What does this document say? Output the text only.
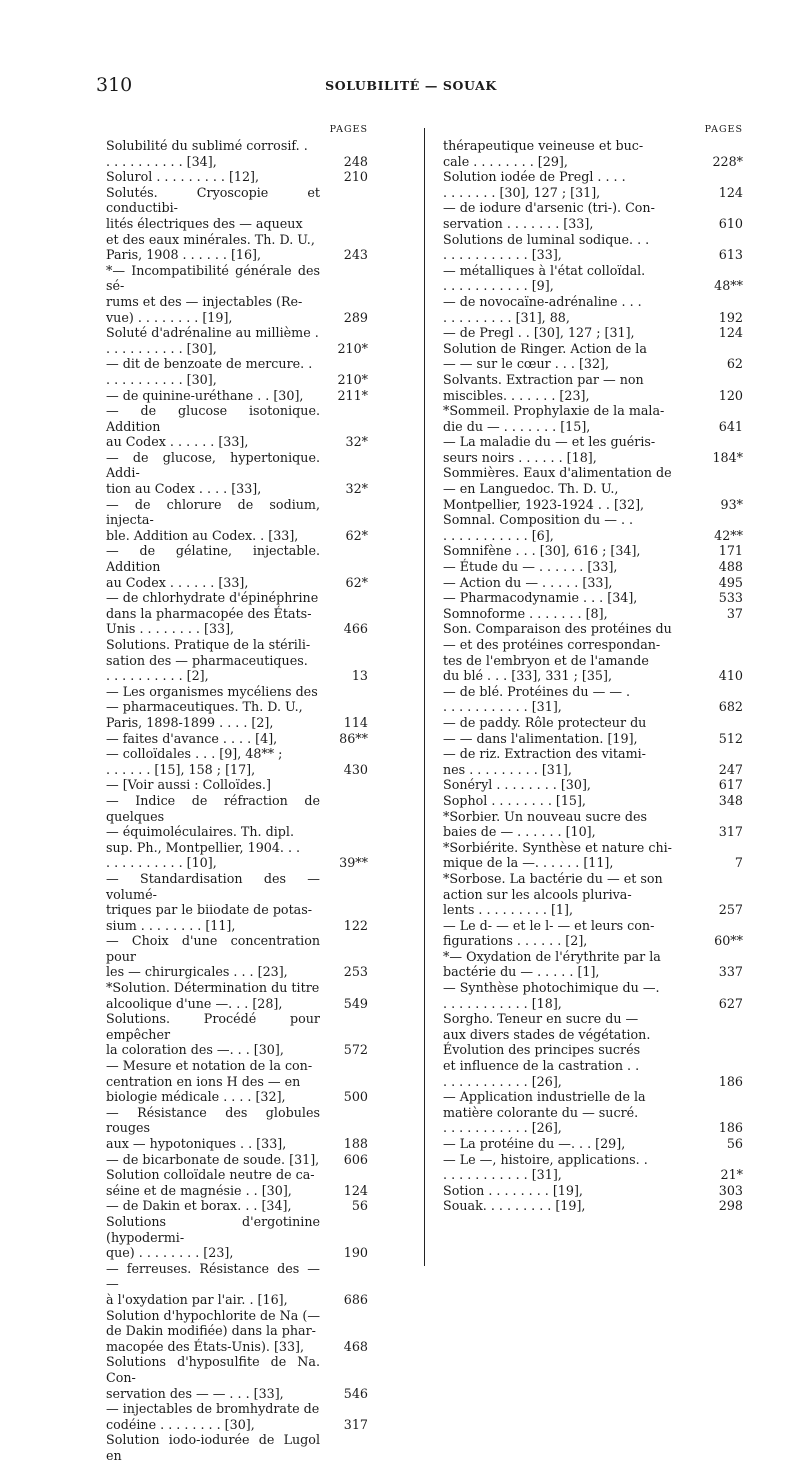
310	SOLUBILITÉ — SOUAK
PAGES
Solubilité du sublimé corrosif. .
. . . . . . . . . . [34],	248
Solurol . . . . . . . . . [12],	210
Solutés. Cryoscopie et conductibi-
lités électriques des — aqueux
et des eaux minérales. Th. D. U.,
Paris, 1908 . . . . . . [16],	243
*— Incompatibilité générale des sé-
rums et des — injectables (Re-
vue) . . . . . . . . [19],	289
Soluté d'adrénaline au millième .
. . . . . . . . . . [30],	210*
— dit de benzoate de mercure. .
. . . . . . . . . . [30],	210*
— de quinine-uréthane . . [30],	211*
— de glucose isotonique. Addition
au Codex . . . . . . [33],	32*
— de glucose, hypertonique. Addi-
tion au Codex . . . . [33],	32*
— de chlorure de sodium, injecta-
ble. Addition au Codex. . [33],	62*
— de gélatine, injectable. Addition
au Codex . . . . . . [33],	62*
— de chlorhydrate d'épinéphrine
dans la pharmacopée des États-
Unis . . . . . . . . [33],	466
Solutions. Pratique de la stérili-
sation des — pharmaceutiques.
. . . . . . . . . . [2],	13
— Les organismes mycéliens des
— pharmaceutiques. Th. D. U.,
Paris, 1898-1899 . . . . [2],	114
— faites d'avance . . . . [4],	86**
— colloïdales . . . [9], 48** ;
. . . . . . [15], 158 ; [17],	430
— [Voir aussi : Colloïdes.]
— Indice de réfraction de quelques
— équimoléculaires. Th. dipl.
sup. Ph., Montpellier, 1904. . .
. . . . . . . . . . [10],	39**
— Standardisation des — volumé-
triques par le biiodate de potas-
sium . . . . . . . . [11],	122
— Choix d'une concentration pour
les — chirurgicales . . . [23],	253
*Solution. Détermination du titre
alcoolique d'une —. . . [28],	549
Solutions. Procédé pour empêcher
la coloration des —. . . [30],	572
— Mesure et notation de la con-
centration en ions H des — en
biologie médicale . . . . [32],	500
— Résistance des globules rouges
aux — hypotoniques . . [33],	188
— de bicarbonate de soude. [31],	606
Solution colloïdale neutre de ca-
séine et de magnésie . . [30],	124
— de Dakin et borax. . . [34],	56
Solutions d'ergotinine (hypodermi-
que) . . . . . . . . [23],	190
— ferreuses. Résistance des — —
à l'oxydation par l'air. . [16],	686
Solution d'hypochlorite de Na (—
de Dakin modifiée) dans la phar-
macopée des États-Unis). [33],	468
Solutions d'hyposulfite de Na. Con-
servation des — — . . . [33],	546
— injectables de bromhydrate de
codéine . . . . . . . . [30],	317
Solution iodo-iodurée de Lugol en
PAGES
thérapeutique veineuse et buc-
cale . . . . . . . . [29],	228*
Solution iodée de Pregl . . . .
. . . . . . . [30], 127 ; [31],	124
— de iodure d'arsenic (tri-). Con-
servation . . . . . . . [33],	610
Solutions de luminal sodique. . .
. . . . . . . . . . . [33],	613
— métalliques à l'état colloïdal.
. . . . . . . . . . . [9],	48**
— de novocaïne-adrénaline . . .
. . . . . . . . . [31], 88,	192
— de Pregl . . [30], 127 ; [31],	124
Solution de Ringer. Action de la
— — sur le cœur . . . [32],	62
Solvants. Extraction par — non
miscibles. . . . . . . [23],	120
*Sommeil. Prophylaxie de la mala-
die du — . . . . . . . [15],	641
— La maladie du — et les guéris-
seurs noirs . . . . . . [18],	184*
Sommières. Eaux d'alimentation de
— en Languedoc. Th. D. U.,
Montpellier, 1923-1924 . . [32],	93*
Somnal. Composition du — . .
. . . . . . . . . . . [6],	42**
Somnifène . . . [30], 616 ; [34],	171
— Étude du — . . . . . . [33],	488
— Action du — . . . . . [33],	495
— Pharmacodynamie . . . [34],	533
Somnoforme . . . . . . . [8],	37
Son. Comparaison des protéines du
— et des protéines correspondan-
tes de l'embryon et de l'amande
du blé . . . [33], 331 ; [35],	410
— de blé. Protéines du — — .
. . . . . . . . . . . [31],	682
— de paddy. Rôle protecteur du
— — dans l'alimentation. [19],	512
— de riz. Extraction des vitami-
nes . . . . . . . . . [31],	247
Sonéryl . . . . . . . . [30],	617
Sophol . . . . . . . . [15],	348
*Sorbier. Un nouveau sucre des
baies de — . . . . . . [10],	317
*Sorbiérite. Synthèse et nature chi-
mique de la —. . . . . . [11],	7
*Sorbose. La bactérie du — et son
action sur les alcools pluriva-
lents . . . . . . . . . [1],	257
— Le d- — et le l- — et leurs con-
figurations . . . . . . [2],	60**
*— Oxydation de l'érythrite par la
bactérie du — . . . . . [1],	337
— Synthèse photochimique du —.
. . . . . . . . . . . [18],	627
Sorgho. Teneur en sucre du —
aux divers stades de végétation.
Évolution des principes sucrés
et influence de la castration . .
. . . . . . . . . . . [26],	186
— Application industrielle de la
matière colorante du — sucré.
. . . . . . . . . . . [26],	186
— La protéine du —. . . [29],	56
— Le —, histoire, applications. .
. . . . . . . . . . . [31],	21*
Sotion . . . . . . . . [19],	303
Souak. . . . . . . . . [19],	298
